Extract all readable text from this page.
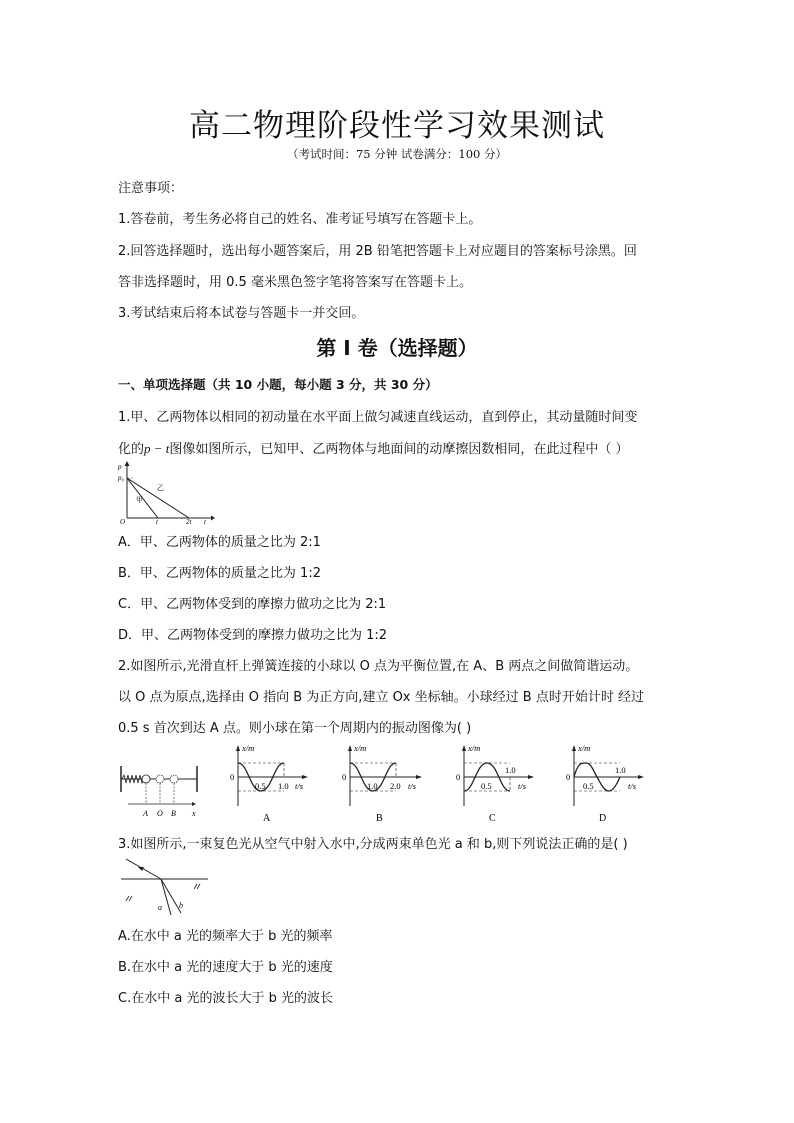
高二物理阶段性学习效果测试
（考试时间：75 分钟 试卷满分：100 分）
注意事项：
1.答卷前，考生务必将自己的姓名、准考证号填写在答题卡上。
2.回答选择题时，选出每小题答案后，用 2B 铅笔把答题卡上对应题目的答案标号涂黑。回
答非选择题时，用 0.5 毫米黑色签字笔将答案写在答题卡上。
3.考试结束后将本试卷与答题卡一并交回。
第 I 卷（选择题）
一、单项选择题（共 10 小题，每小题 3 分，共 30 分）
1.甲、乙两物体以相同的初动量在水平面上做匀减速直线运动，直到停止，其动量随时间变
化的p − t图像如图所示，已知甲、乙两物体与地面间的动摩擦因数相同，在此过程中（ ）
p
p₀
O	t	2t t
甲
乙
A．甲、乙两物体的质量之比为 2:1
B．甲、乙两物体的质量之比为 1:2
C．甲、乙两物体受到的摩擦力做功之比为 2:1
D．甲、乙两物体受到的摩擦力做功之比为 1:2
2.如图所示,光滑直杆上弹簧连接的小球以 O 点为平衡位置,在 A、B 两点之间做简谐运动。
以 O 点为原点,选择由 O 指向 B 为正方向,建立 Ox 坐标轴。小球经过 B 点时开始计时 经过
0.5 s 首次到达 A 点。则小球在第一个周期内的振动图像为( )
A O B x
x/m
0
0.5 1.0 t/s
A
x/m
0
1.0 2.0 t/s
B
x/m
0
0.5
1.0
t/s
C
x/m
0
0.5
1.0
t/s
D
3.如图所示,一束复色光从空气中射入水中,分成两束单色光 a 和 b,则下列说法正确的是( )
a b
A.在水中 a 光的频率大于 b 光的频率
B.在水中 a 光的速度大于 b 光的速度
C.在水中 a 光的波长大于 b 光的波长
